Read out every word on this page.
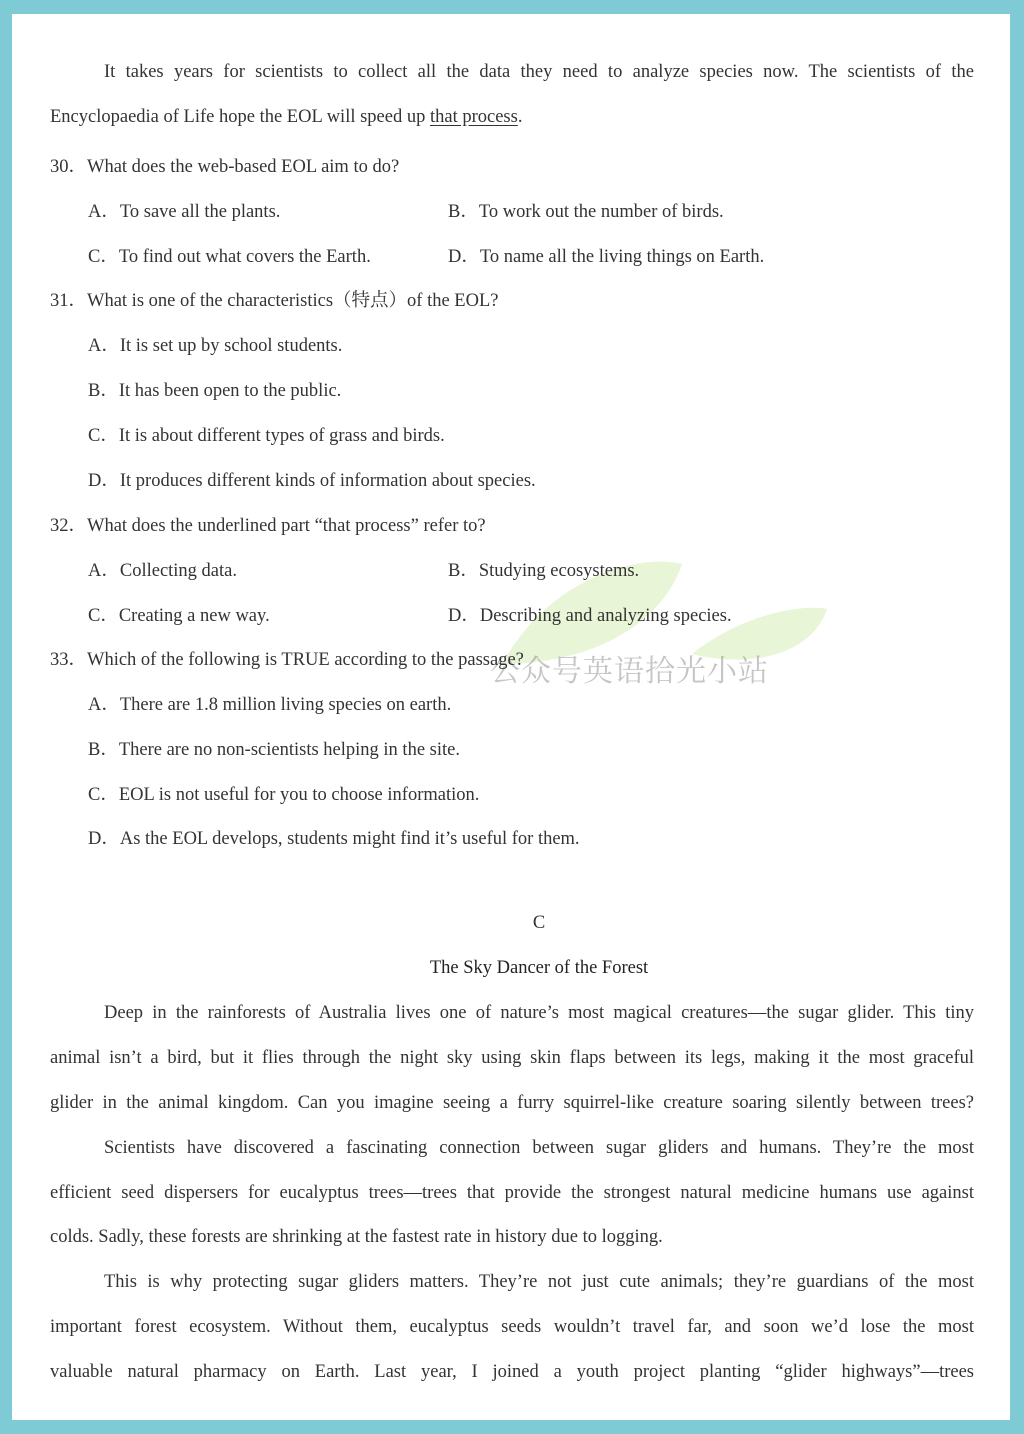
公众号英语拾光小站
It takes years for scientists to collect all the data they need to analyze species now. The scientists of the
Encyclopaedia of Life hope the EOL will speed up that process.
30．What does the web-based EOL aim to do?
A．To save all the plants.	B．To work out the number of birds.
C．To find out what covers the Earth.	D．To name all the living things on Earth.
31．What is one of the characteristics（特点）of the EOL?
A．It is set up by school students.
B．It has been open to the public.
C．It is about different types of grass and birds.
D．It produces different kinds of information about species.
32．What does the underlined part “that process” refer to?
A．Collecting data.	B．Studying ecosystems.
C．Creating a new way.	D．Describing and analyzing species.
33．Which of the following is TRUE according to the passage?
A．There are 1.8 million living species on earth.
B．There are no non-scientists helping in the site.
C．EOL is not useful for you to choose information.
D．As the EOL develops, students might find it’s useful for them.
C
The Sky Dancer of the Forest
Deep in the rainforests of Australia lives one of nature’s most magical creatures—the sugar glider. This tiny
animal isn’t a bird, but it flies through the night sky using skin flaps between its legs, making it the most graceful
glider in the animal kingdom. Can you imagine seeing a furry squirrel-like creature soaring silently between trees?
Scientists have discovered a fascinating connection between sugar gliders and humans. They’re the most
efficient seed dispersers for eucalyptus trees—trees that provide the strongest natural medicine humans use against
colds. Sadly, these forests are shrinking at the fastest rate in history due to logging.
This is why protecting sugar gliders matters. They’re not just cute animals; they’re guardians of the most
important forest ecosystem. Without them, eucalyptus seeds wouldn’t travel far, and soon we’d lose the most
valuable natural pharmacy on Earth. Last year, I joined a youth project planting “glider highways”—trees
